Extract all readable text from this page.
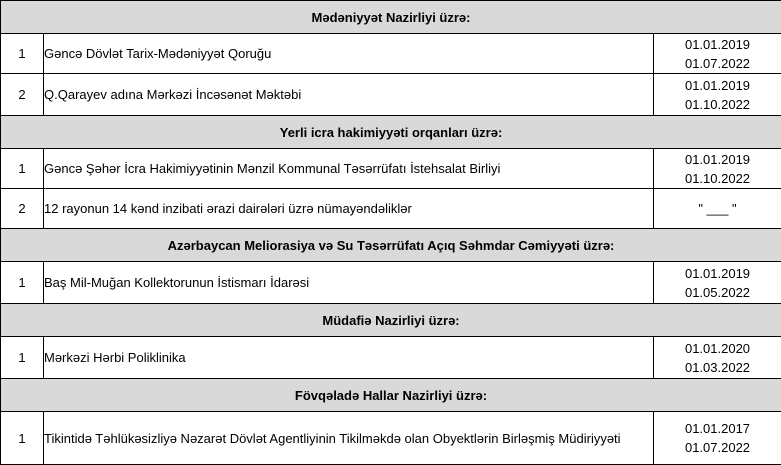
Mədəniyyət Nazirliyi üzrə:		
1	Gəncə Dövlət Tarix-Mədəniyyət Qoruğu	01.01.2019
01.07.2022

2	Q.Qarayev adına Mərkəzi İncəsənət Məktəbi	01.01.2019
01.10.2022

Yerli icra hakimiyyəti orqanları üzrə:		
1	Gəncə Şəhər İcra Hakimiyyətinin Mənzil Kommunal Təsərrüfatı İstehsalat Birliyi	01.01.2019
01.10.2022

2	12 rayonun 14 kənd inzibati ərazi dairələri üzrə nümayəndəliklər	" ___ "
Azərbaycan Meliorasiya və Su Təsərrüfatı Açıq Səhmdar Cəmiyyəti üzrə:		
1	Baş Mil-Muğan Kollektorunun İstismarı İdarəsi	01.01.2019
01.05.2022

Müdafiə Nazirliyi üzrə:		
1	Mərkəzi Hərbi Poliklinika	01.01.2020
01.03.2022

Fövqəladə Hallar Nazirliyi üzrə:		
1	Tikintidə Təhlükəsizliyə Nəzarət Dövlət Agentliyinin Tikilməkdə olan Obyektlərin Birləşmiş Müdiriyyəti	01.01.2017
01.07.2022
